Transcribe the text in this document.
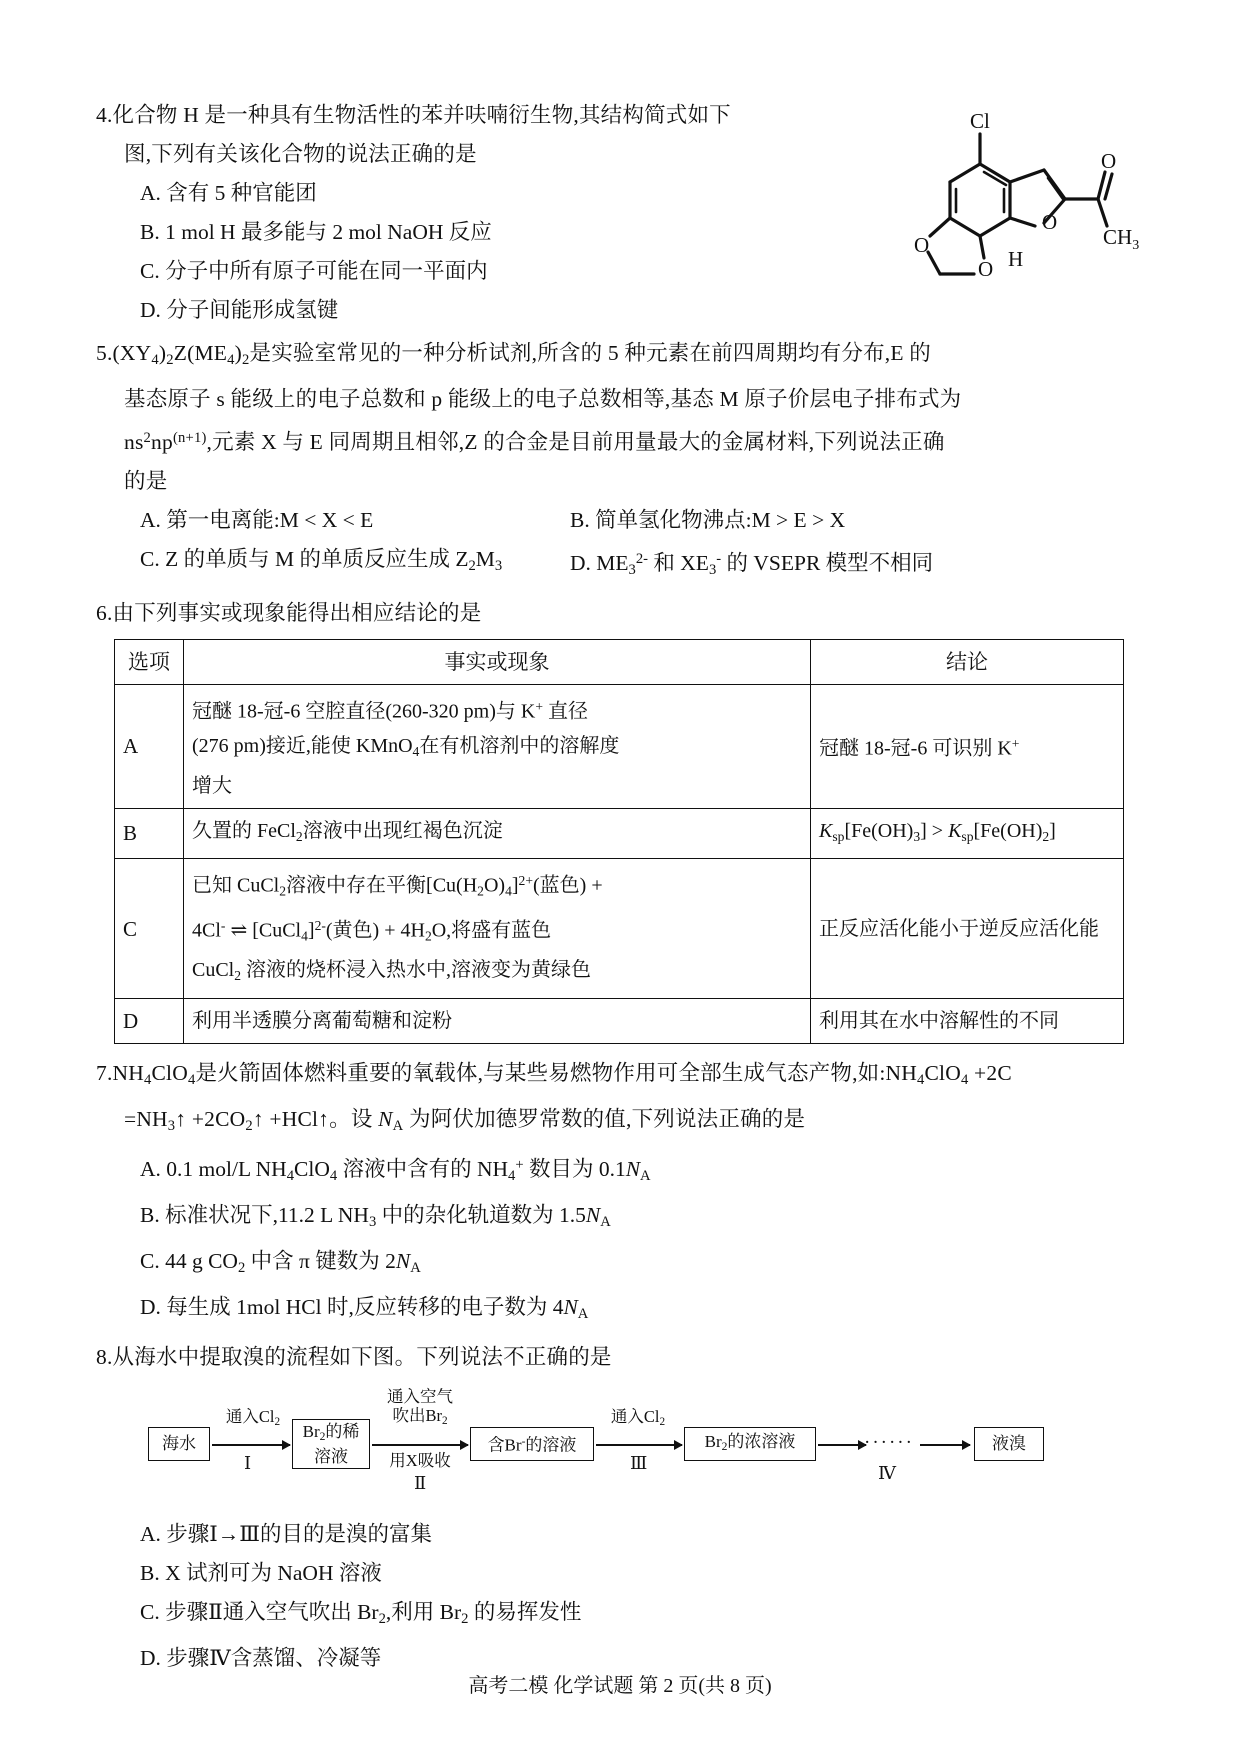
Cl
O
O
O
O
$CH_3$
H
4.化合物 H 是一种具有生物活性的苯并呋喃衍生物,其结构简式如下
图,下列有关该化合物的说法正确的是
A. 含有 5 种官能团
B. 1 mol H 最多能与 2 mol NaOH 反应
C. 分子中所有原子可能在同一平面内
D. 分子间能形成氢键
$5.(XY_4)_2Z(ME_4)_2$是实验室常见的一种分析试剂,所含的 5 种元素在前四周期均有分布,E 的
基态原子 s 能级上的电子总数和 p 能级上的电子总数相等,基态 M 原子价层电子排布式为
$ns^2np^{(n+1)}$,元素 X 与 E 同周期且相邻,Z 的合金是目前用量最大的金属材料,下列说法正确
的是
A. 第一电离能:M < X < E	B. 简单氢化物沸点:M > E > X
C. Z 的单质与 M 的单质反应生成 $Z_2M_3$	D. $ME_3^{2-}$ 和 $XE_3^-$ 的 VSEPR 模型不相同
6.由下列事实或现象能得出相应结论的是
选项	事实或现象	结论
A	冠醚 18-冠-6 空腔直径(260-320 pm)与 K+ 直径
(276 pm)接近,能使 KMnO$_4$在有机溶剂中的溶解度
增大	冠醚 18-冠-6 可识别 K+
B	久置的 FeCl$_2$溶液中出现红褐色沉淀	$K_{sp}[Fe(OH)_3] > K_{sp}[Fe(OH)_2]$
C	已知 CuCl$_2$溶液中存在平衡$[Cu(H_2O)_4]^{2+}$(蓝色) +
4Cl- ⇌ [CuCl$_4$]$^{2-}$(黄色) + $4H_2O$,将盛有蓝色
CuCl$_2$ 溶液的烧杯浸入热水中,溶液变为黄绿色	正反应活化能小于逆反应活化能
D	利用半透膜分离葡萄糖和淀粉	利用其在水中溶解性的不同
$7.NH_4ClO_4$是火箭固体燃料重要的氧载体,与某些易燃物作用可全部生成气态产物,如$:NH_4ClO_4 +2C$
$=NH_3↑$ $+2CO_2↑$ +HCl↑。设 $N_A$ 为阿伏加德罗常数的值,下列说法正确的是
A. 0.1 mol/L $NH_4ClO_4$ 溶液中含有的 $NH_4^+$ 数目为 $0.1N_A$
B. 标准状况下,11.2 L $NH_3$ 中的杂化轨道数为 $1.5N_A$
C. 44 g $CO_2$ 中含 π 键数为 $2N_A$
D. 每生成 1mol HCl 时,反应转移的电子数为 $4N_A$
8.从海水中提取溴的流程如下图。下列说法不正确的是
海水
通入$Cl_2$
Ⅰ
$Br_2$的稀
溶液
通入空气
吹出$Br_2$
用X吸收
Ⅱ
含Br-的溶液
通入$Cl_2$
Ⅲ
$Br_2$的浓溶液	······
Ⅳ
液溴
A. 步骤Ⅰ→Ⅲ的目的是溴的富集
B. X 试剂可为 NaOH 溶液
C. 步骤Ⅱ通入空气吹出 $Br_2$,利用 $Br_2$ 的易挥发性
D. 步骤Ⅳ含蒸馏、冷凝等
高考二模 化学试题 第 2 页(共 8 页)
